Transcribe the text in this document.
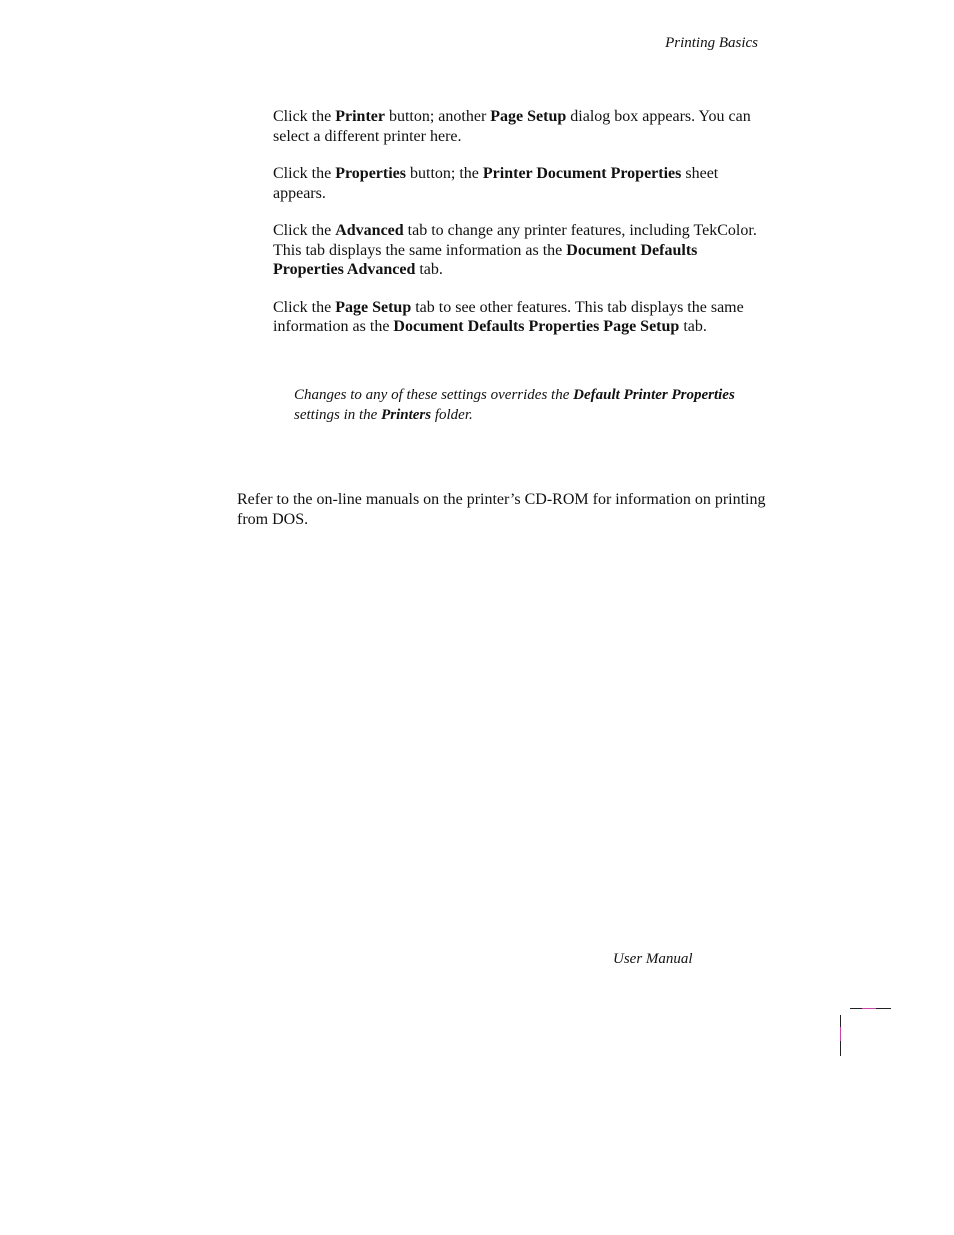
Printing Basics

Click the Printer button; another Page Setup dialog box appears. You can select a different printer here.

Click the Properties button; the Printer Document Properties sheet appears.

Click the Advanced tab to change any printer features, including TekColor. This tab displays the same information as the Document Defaults Properties Advanced tab.

Click the Page Setup tab to see other features. This tab displays the same information as the Document Defaults Properties Page Setup tab.

Changes to any of these settings overrides the Default Printer Properties settings in the Printers folder.

Refer to the on-line manuals on the printer’s CD-ROM for information on printing from DOS.

User Manual
